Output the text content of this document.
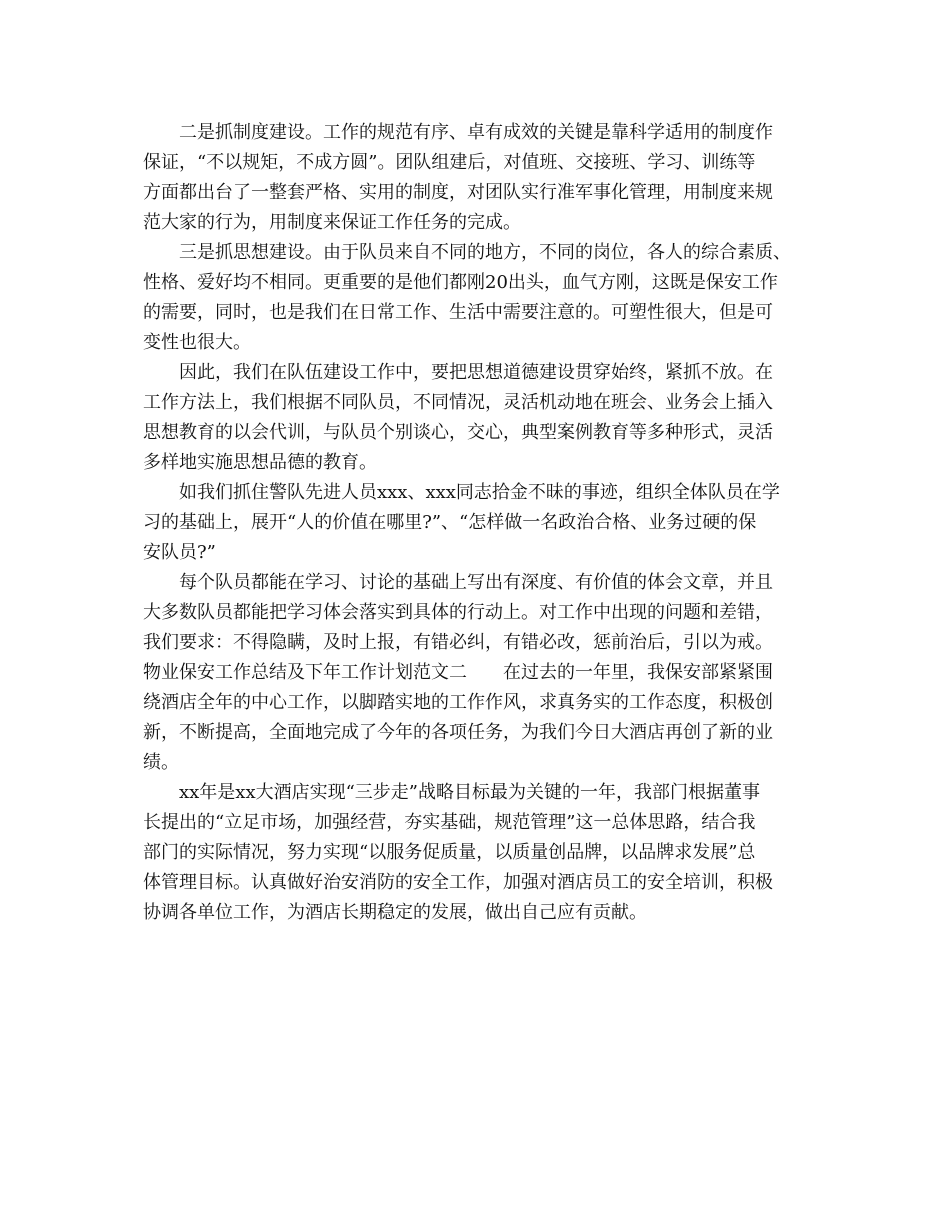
二是抓制度建设。工作的规范有序、卓有成效的关键是靠科学适用的制度作
保证，“不以规矩，不成方圆”。团队组建后，对值班、交接班、学习、训练等
方面都出台了一整套严格、实用的制度，对团队实行准军事化管理，用制度来规
范大家的行为，用制度来保证工作任务的完成。
三是抓思想建设。由于队员来自不同的地方，不同的岗位，各人的综合素质、
性格、爱好均不相同。更重要的是他们都刚20出头，血气方刚，这既是保安工作
的需要，同时，也是我们在日常工作、生活中需要注意的。可塑性很大，但是可
变性也很大。
因此，我们在队伍建设工作中，要把思想道德建设贯穿始终，紧抓不放。在
工作方法上，我们根据不同队员，不同情况，灵活机动地在班会、业务会上插入
思想教育的以会代训，与队员个别谈心，交心，典型案例教育等多种形式，灵活
多样地实施思想品德的教育。
如我们抓住警队先进人员xxx、xxx同志拾金不昧的事迹，组织全体队员在学
习的基础上，展开“人的价值在哪里?”、“怎样做一名政治合格、业务过硬的保
安队员?”
每个队员都能在学习、讨论的基础上写出有深度、有价值的体会文章，并且
大多数队员都能把学习体会落实到具体的行动上。对工作中出现的问题和差错，
我们要求：不得隐瞒，及时上报，有错必纠，有错必改，惩前治后，引以为戒。
物业保安工作总结及下年工作计划范文二　　在过去的一年里，我保安部紧紧围
绕酒店全年的中心工作，以脚踏实地的工作作风，求真务实的工作态度，积极创
新，不断提高，全面地完成了今年的各项任务，为我们今日大酒店再创了新的业
绩。
xx年是xx大酒店实现“三步走”战略目标最为关键的一年，我部门根据董事
长提出的“立足市场，加强经营，夯实基础，规范管理”这一总体思路，结合我
部门的实际情况，努力实现“以服务促质量，以质量创品牌，以品牌求发展”总
体管理目标。认真做好治安消防的安全工作，加强对酒店员工的安全培训，积极
协调各单位工作，为酒店长期稳定的发展，做出自己应有贡献。
